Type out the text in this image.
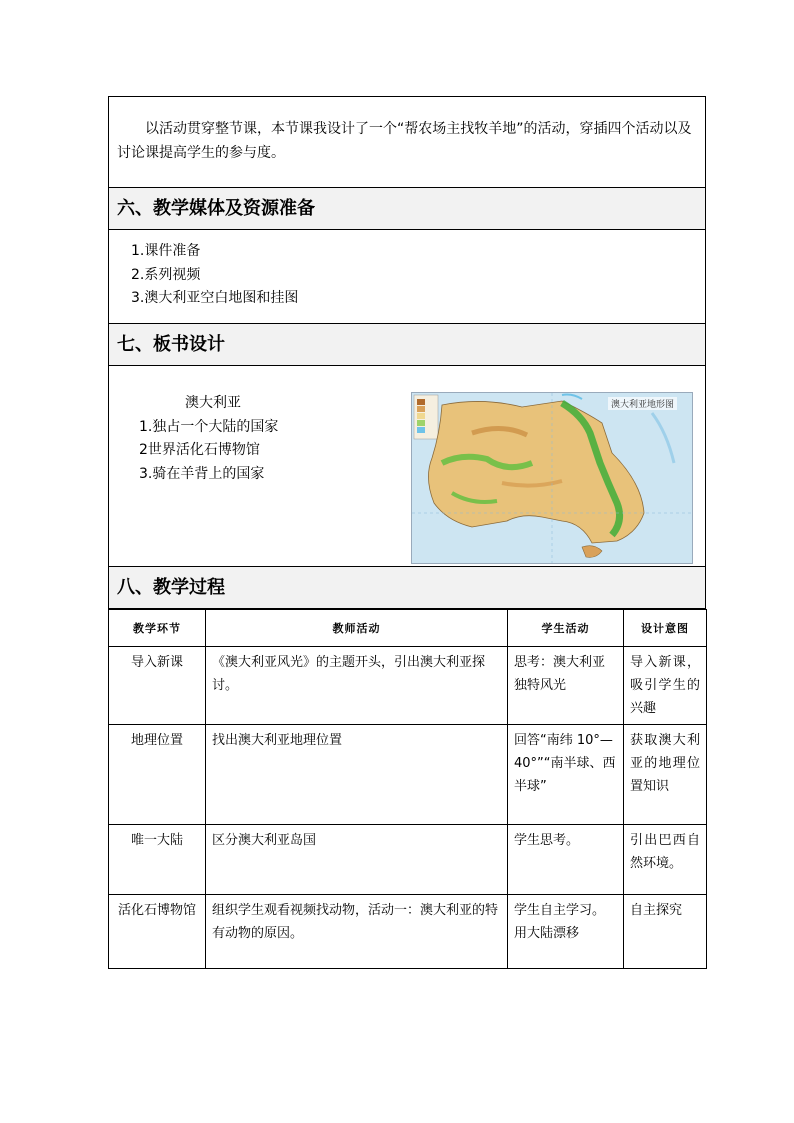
以活动贯穿整节课，本节课我设计了一个“帮农场主找牧羊地”的活动，穿插四个活动以及讨论课提高学生的参与度。

六、教学媒体及资源准备
1.课件准备
2.系列视频
3.澳大利亚空白地图和挂图
七、板书设计
澳大利亚
1.独占一个大陆的国家
2世界活化石博物馆
3.骑在羊背上的国家
澳大利亚地形图
八、教学过程
教学环节	教师活动	学生活动	设计意图
导入新课	《澳大利亚风光》的主题开头，引出澳大利亚探讨。	思考：澳大利亚独特风光	导入新课，吸引学生的兴趣
地理位置	找出澳大利亚地理位置	回答“南纬 10°—40°”“南半球、西半球”	获取澳大利亚的地理位置知识
唯一大陆	区分澳大利亚岛国	学生思考。	引出巴西自然环境。
活化石博物馆	组织学生观看视频找动物，活动一：澳大利亚的特有动物的原因。	学生自主学习。用大陆漂移	自主探究
